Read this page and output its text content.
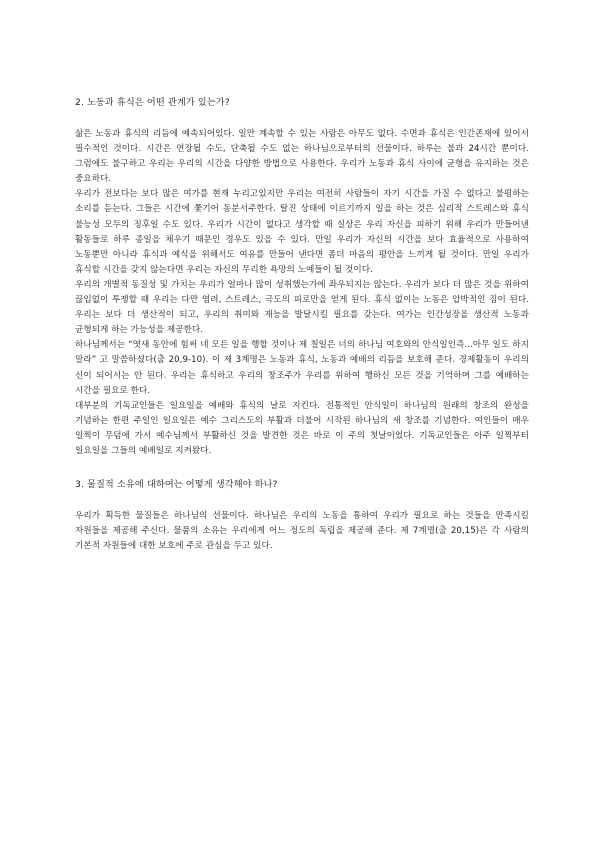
2. 노동과 휴식은 어떤 관계가 있는가?

삶은 노동과 휴식의 리듬에 예속되어있다. 일만 계속할 수 있는 사람은 아무도 없다. 수면과 휴식은 인간존재에 있어서 필수적인 것이다. 시간은 연장될 수도, 단축될 수도 없는 하나님으로부터의 선물이다. 하루는 불과 24시간 뿐이다. 그럼에도 불구하고 우리는 우리의 시간을 다양한 방법으로 사용한다. 우리가 노동과 휴식 사이에 균형을 유지하는 것은 중요하다.

우리가 전보다는 보다 많은 여가를 현재 누리고있지만 우리는 여전히 사람들이 자기 시간을 가질 수 없다고 불평하는 소리를 듣는다. 그들은 시간에 쫓기어 동분서주한다. 탈진 상태에 이르기까지 일을 하는 것은 심리적 스트레스와 휴식 불능성 모두의 징후일 수도 있다. 우리가 시간이 없다고 생각할 때 실상은 우리 자신을 피하기 위해 우리가 만들어낸 활동들로 하루 종일을 채우기 때문인 경우도 있을 수 있다. 만일 우리가 자신의 시간을 보다 효율적으로 사용하여 노동뿐만 아니라 휴식과 예식을 위해서도 여유를 만들어 낸다면 좀더 마음의 평안을 느끼게 될 것이다. 만일 우리가 휴식할 시간을 갖지 않는다면 우리는 자신의 무리한 욕망의 노예들이 될 것이다.

우리의 개별적 동질성 및 가치는 우리가 얼마나 많이 성취했는가에 좌우되지는 않는다. 우리가 보다 더 많은 것을 위하여 끊임없이 투쟁할 때 우리는 다만 염려, 스트레스, 극도의 피로만을 얻게 된다. 휴식 없이는 노동은 압박적인 짐이 된다. 우리는 보다 더 생산적이 되고, 우리의 취미와 재능을 발달시킬 필요를 갖는다. 여가는 인간성장을 생산적 노동과 균형되게 하는 가능성을 제공한다.

하나님께서는 “엿새 동안에 힘써 네 모든 일을 행할 것이나 제 칠일은 너의 하나님 여호와의 안식일인즉...아무 일도 하지 말라” 고 말씀하셨다(출 20,9-10). 이 제 3계명은 노동과 휴식, 노동과 예배의 리듬을 보호해 준다. 경제활동이 우리의 신이 되어서는 안 된다. 우리는 휴식하고 우리의 창조주가 우리를 위하여 행하신 모든 것을 기억하며 그를 예배하는 시간을 필요로 한다.

대부분의 기독교인들은 일요일을 예배와 휴식의 날로 지킨다. 전통적인 안식일이 하나님의 원래의 창조의 완성을 기념하는 한편 주일인 일요일은 예수 그리스도의 부활과 더불어 시작된 하나님의 새 창조를 기념한다. 여인들이 매우 일찍이 무덤에 가서 예수님께서 부활하신 것을 발견한 것은 바로 이 주의 첫날이었다. 기독교인들은 아주 일찍부터 일요일을 그들의 예배일로 지켜왔다.

3. 물질적 소유에 대하여는 어떻게 생각해야 하나?

우리가 획득한 물질들은 하나님의 선물이다. 하나님은 우리의 노동을 통하여 우리가 필요로 하는 것들을 만족시킬 자원들을 제공해 주신다. 물품의 소유는 우리에게 어느 정도의 독립을 제공해 준다. 제 7계명(출 20,15)은 각 사람의 기본적 자원들에 대한 보호에 주로 관심을 두고 있다.
